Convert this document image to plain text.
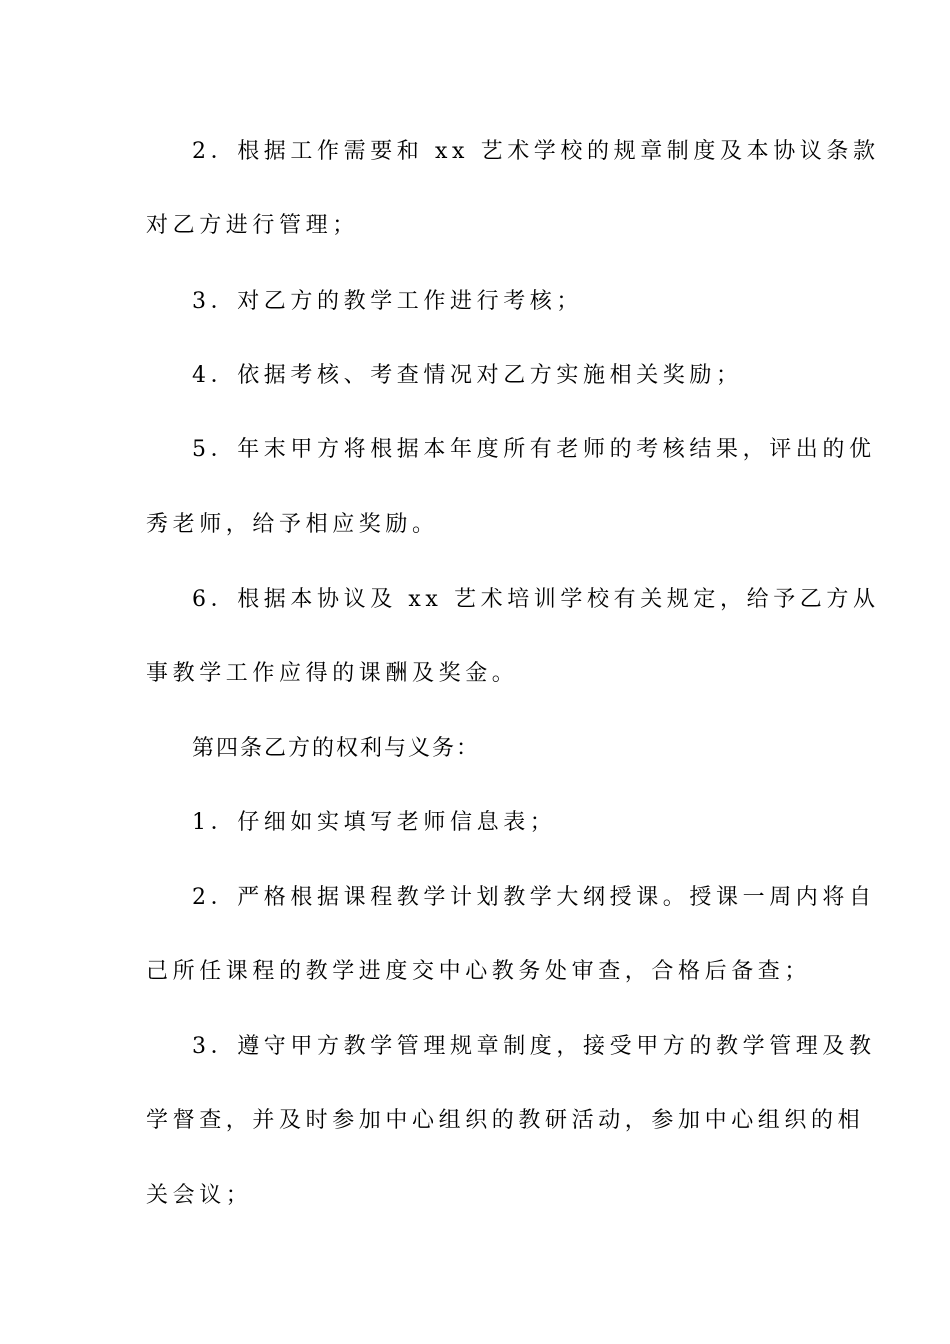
2．根据工作需要和 xx 艺术学校的规章制度及本协议条款
对乙方进行管理；
3．对乙方的教学工作进行考核；
4．依据考核、考查情况对乙方实施相关奖励；
5．年末甲方将根据本年度所有老师的考核结果，评出的优
秀老师，给予相应奖励。
6．根据本协议及 xx 艺术培训学校有关规定，给予乙方从
事教学工作应得的课酬及奖金。
第四条乙方的权利与义务：
1．仔细如实填写老师信息表；
2．严格根据课程教学计划教学大纲授课。授课一周内将自
己所任课程的教学进度交中心教务处审查，合格后备查；
3．遵守甲方教学管理规章制度，接受甲方的教学管理及教
学督查，并及时参加中心组织的教研活动，参加中心组织的相
关会议；
